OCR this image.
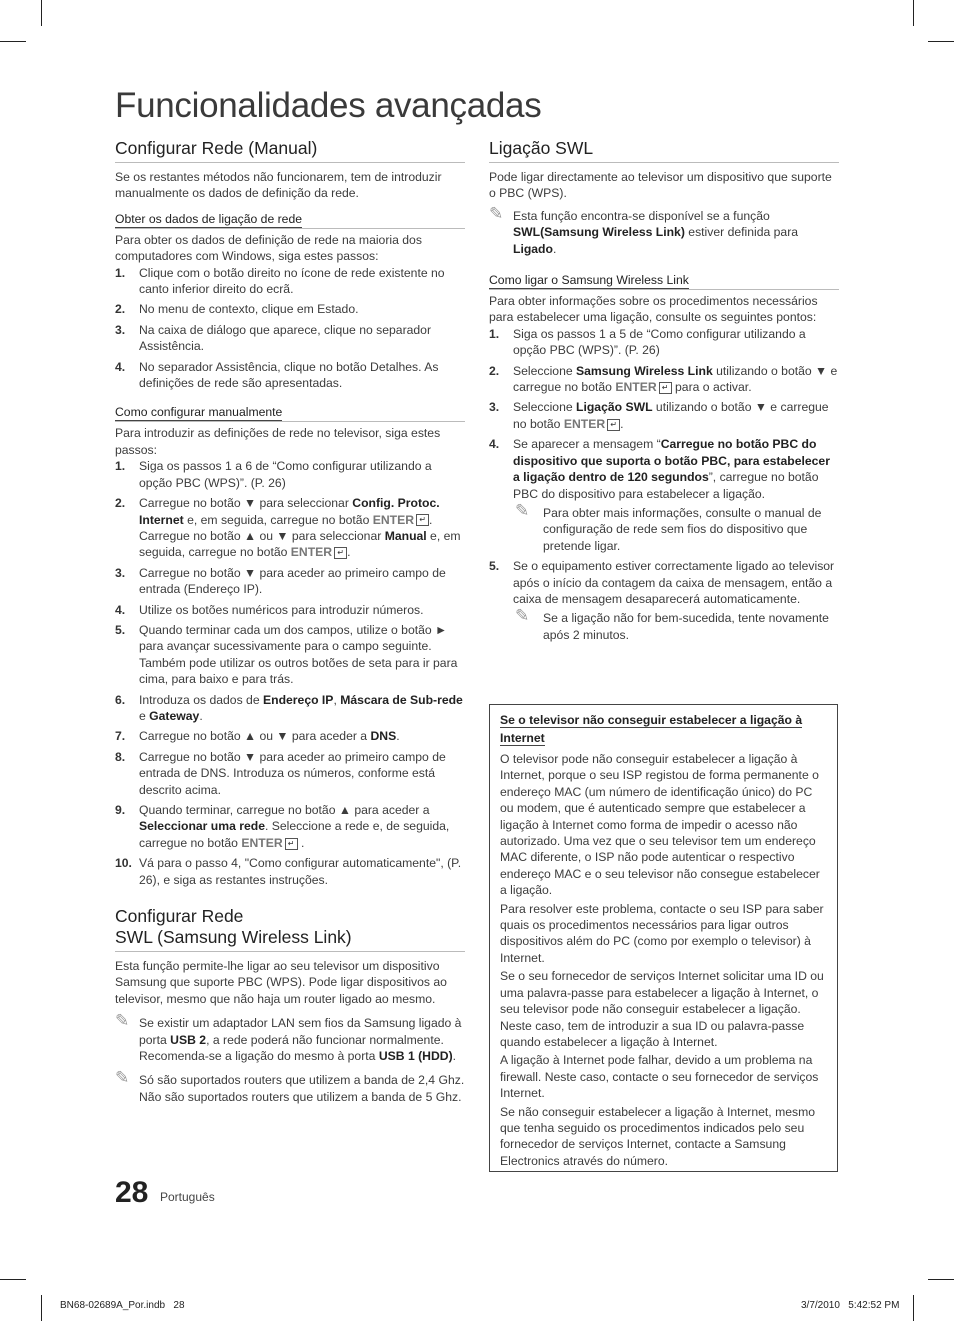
Funcionalidades avançadas
Configurar Rede (Manual)

Se os restantes métodos não funcionarem, tem de introduzir manualmente os dados de definição da rede.

Obter os dados de ligação de rede

Para obter os dados de definição de rede na maioria dos computadores com Windows, siga estes passos:

1. Clique com o botão direito no ícone de rede existente no canto inferior direito do ecrã.
2. No menu de contexto, clique em Estado.
3. Na caixa de diálogo que aparece, clique no separador Assistência.
4. No separador Assistência, clique no botão Detalhes. As definições de rede são apresentadas.
Como configurar manualmente

Para introduzir as definições de rede no televisor, siga estes passos:

1. Siga os passos 1 a 6 de “Como configurar utilizando a opção PBC (WPS)”. (P. 26)
2. Carregue no botão ▼ para seleccionar Config. Protoc. Internet e, em seguida, carregue no botão ENTER ↵ . Carregue no botão ▲ ou ▼ para seleccionar Manual e, em seguida, carregue no botão ENTER ↵ .
3. Carregue no botão ▼ para aceder ao primeiro campo de entrada (Endereço IP).
4. Utilize os botões numéricos para introduzir números.
5. Quando terminar cada um dos campos, utilize o botão ► para avançar sucessivamente para o campo seguinte. Também pode utilizar os outros botões de seta para ir para cima, para baixo e para trás.
6. Introduza os dados de Endereço IP, Máscara de Sub-rede e Gateway.
7. Carregue no botão ▲ ou ▼ para aceder a DNS.
8. Carregue no botão ▼ para aceder ao primeiro campo de entrada de DNS. Introduza os números, conforme está descrito acima.
9. Quando terminar, carregue no botão ▲ para aceder a Seleccionar uma rede. Seleccione a rede e, de seguida, carregue no botão ENTER ↵ .
10. Vá para o passo 4, "Como configurar automaticamente", (P. 26), e siga as restantes instruções.
Configurar Rede
SWL (Samsung Wireless Link)

Esta função permite-lhe ligar ao seu televisor um dispositivo Samsung que suporte PBC (WPS). Pode ligar dispositivos ao televisor, mesmo que não haja um router ligado ao mesmo.

✎ Se existir um adaptador LAN sem fios da Samsung ligado à porta USB 2, a rede poderá não funcionar normalmente. Recomenda-se a ligação do mesmo à porta USB 1 (HDD).
✎ Só são suportados routers que utilizem a banda de 2,4 Ghz. Não são suportados routers que utilizem a banda de 5 Ghz.
Ligação SWL

Pode ligar directamente ao televisor um dispositivo que suporte o PBC (WPS).

✎ Esta função encontra-se disponível se a função SWL(Samsung Wireless Link) estiver definida para Ligado.
Como ligar o Samsung Wireless Link

Para obter informações sobre os procedimentos necessários para estabelecer uma ligação, consulte os seguintes pontos:

1. Siga os passos 1 a 5 de “Como configurar utilizando a opção PBC (WPS)”. (P. 26)
2. Seleccione Samsung Wireless Link utilizando o botão ▼ e carregue no botão ENTER ↵ para o activar.
3. Seleccione Ligação SWL utilizando o botão ▼ e carregue no botão ENTER ↵ .
4. Se aparecer a mensagem “Carregue no botão PBC do dispositivo que suporta o botão PBC, para estabelecer a ligação dentro de 120 segundos”, carregue no botão PBC do dispositivo para estabelecer a ligação.
✎ Para obter mais informações, consulte o manual de configuração de rede sem fios do dispositivo que pretende ligar.
5. Se o equipamento estiver correctamente ligado ao televisor após o início da contagem da caixa de mensagem, então a caixa de mensagem desaparecerá automaticamente.
✎ Se a ligação não for bem-sucedida, tente novamente após 2 minutos.
Se o televisor não conseguir estabelecer a ligação à Internet

O televisor pode não conseguir estabelecer a ligação à Internet, porque o seu ISP registou de forma permanente o endereço MAC (um número de identificação único) do PC ou modem, que é autenticado sempre que estabelecer a ligação à Internet como forma de impedir o acesso não autorizado. Uma vez que o seu televisor tem um endereço MAC diferente, o ISP não pode autenticar o respectivo endereço MAC e o seu televisor não consegue estabelecer a ligação.

Para resolver este problema, contacte o seu ISP para saber quais os procedimentos necessários para ligar outros dispositivos além do PC (como por exemplo o televisor) à Internet.

Se o seu fornecedor de serviços Internet solicitar uma ID ou uma palavra-passe para estabelecer a ligação à Internet, o seu televisor pode não conseguir estabelecer a ligação. Neste caso, tem de introduzir a sua ID ou palavra-passe quando estabelecer a ligação à Internet.

A ligação à Internet pode falhar, devido a um problema na firewall. Neste caso, contacte o seu fornecedor de serviços Internet.

Se não conseguir estabelecer a ligação à Internet, mesmo que tenha seguido os procedimentos indicados pelo seu fornecedor de serviços Internet, contacte a Samsung Electronics através do número.

28 Português
BN68-02689A_Por.indb   28	3/7/2010   5:42:52 PM
